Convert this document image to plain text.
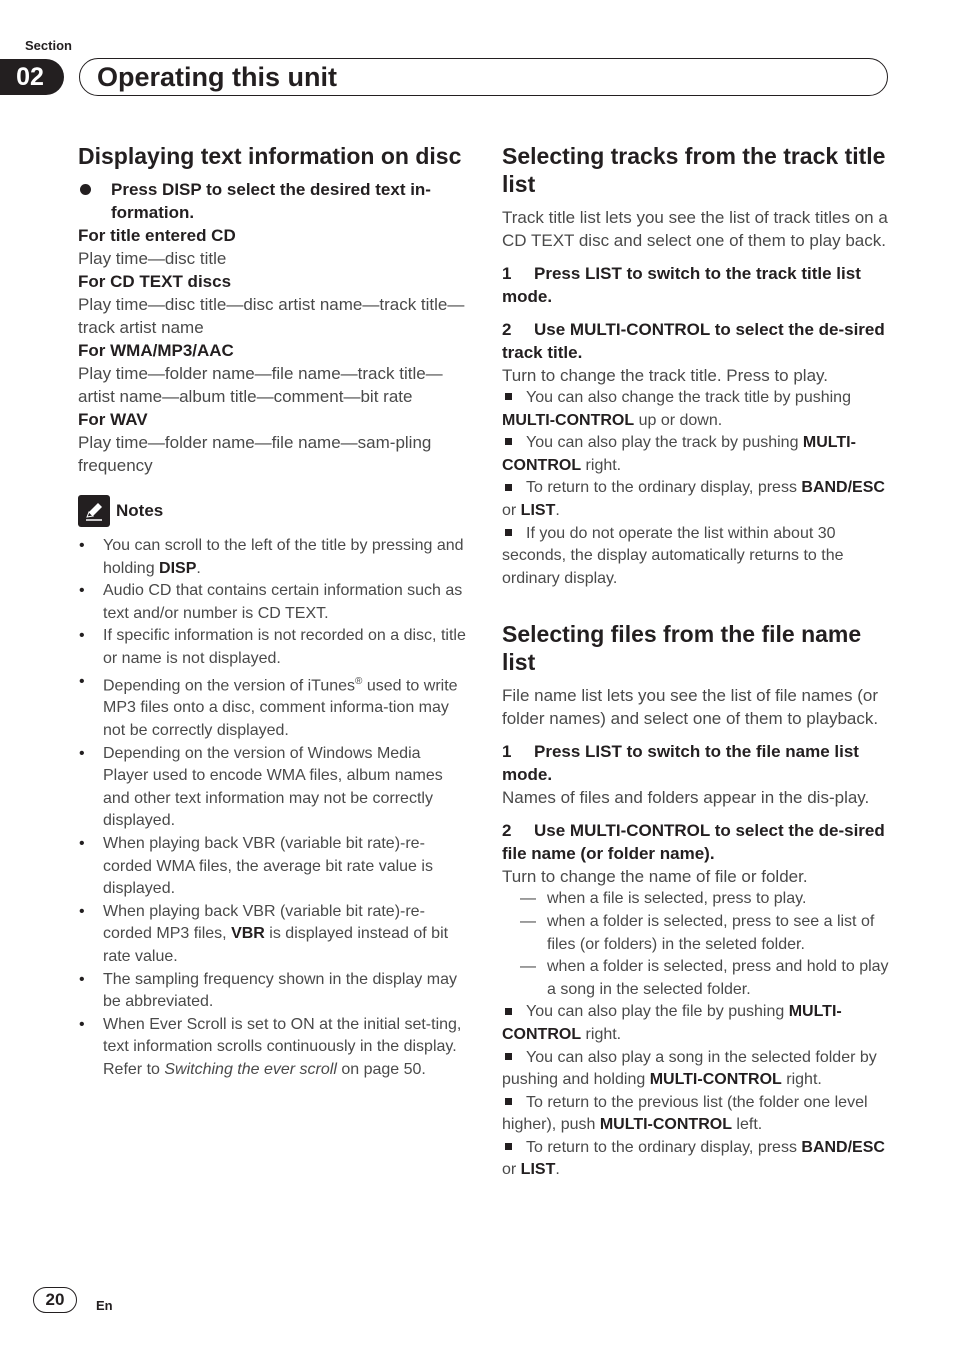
Section
02	Operating this unit
Displaying text information on disc
Press DISP to select the desired text in-formation.

For title entered CD

Play time—disc title

For CD TEXT discs

Play time—disc title—disc artist name—track title—track artist name

For WMA/MP3/AAC

Play time—folder name—file name—track title—artist name—album title—comment—bit rate

For WAV

Play time—folder name—file name—sam-pling frequency

Notes
• You can scroll to the left of the title by pressing and holding DISP.
• Audio CD that contains certain information such as text and/or number is CD TEXT.
• If specific information is not recorded on a disc, title or name is not displayed.
• Depending on the version of iTunes® used to write MP3 files onto a disc, comment informa-tion may not be correctly displayed.
• Depending on the version of Windows Media Player used to encode WMA files, album names and other text information may not be correctly displayed.
• When playing back VBR (variable bit rate)-re-corded WMA files, the average bit rate value is displayed.
• When playing back VBR (variable bit rate)-re-corded MP3 files, VBR is displayed instead of bit rate value.
• The sampling frequency shown in the display may be abbreviated.
• When Ever Scroll is set to ON at the initial set-ting, text information scrolls continuously in the display. Refer to Switching the ever scroll on page 50.
Selecting tracks from the track title list

Track title list lets you see the list of track titles on a CD TEXT disc and select one of them to play back.

1 Press LIST to switch to the track title list mode.
2 Use MULTI-CONTROL to select the de-sired track title.

Turn to change the track title. Press to play.

You can also change the track title by pushing MULTI-CONTROL up or down.
You can also play the track by pushing MULTI-CONTROL right.
To return to the ordinary display, press BAND/ESC or LIST.
If you do not operate the list within about 30 seconds, the display automatically returns to the ordinary display.
Selecting files from the file name list

File name list lets you see the list of file names (or folder names) and select one of them to playback.

1 Press LIST to switch to the file name list mode.

Names of files and folders appear in the dis-play.

2 Use MULTI-CONTROL to select the de-sired file name (or folder name).

Turn to change the name of file or folder.

— when a file is selected, press to play.
— when a folder is selected, press to see a list of files (or folders) in the seleted folder.
— when a folder is selected, press and hold to play a song in the selected folder.
You can also play the file by pushing MULTI-CONTROL right.
You can also play a song in the selected folder by pushing and holding MULTI-CONTROL right.
To return to the previous list (the folder one level higher), push MULTI-CONTROL left.
To return to the ordinary display, press BAND/ESC or LIST.
20	En
